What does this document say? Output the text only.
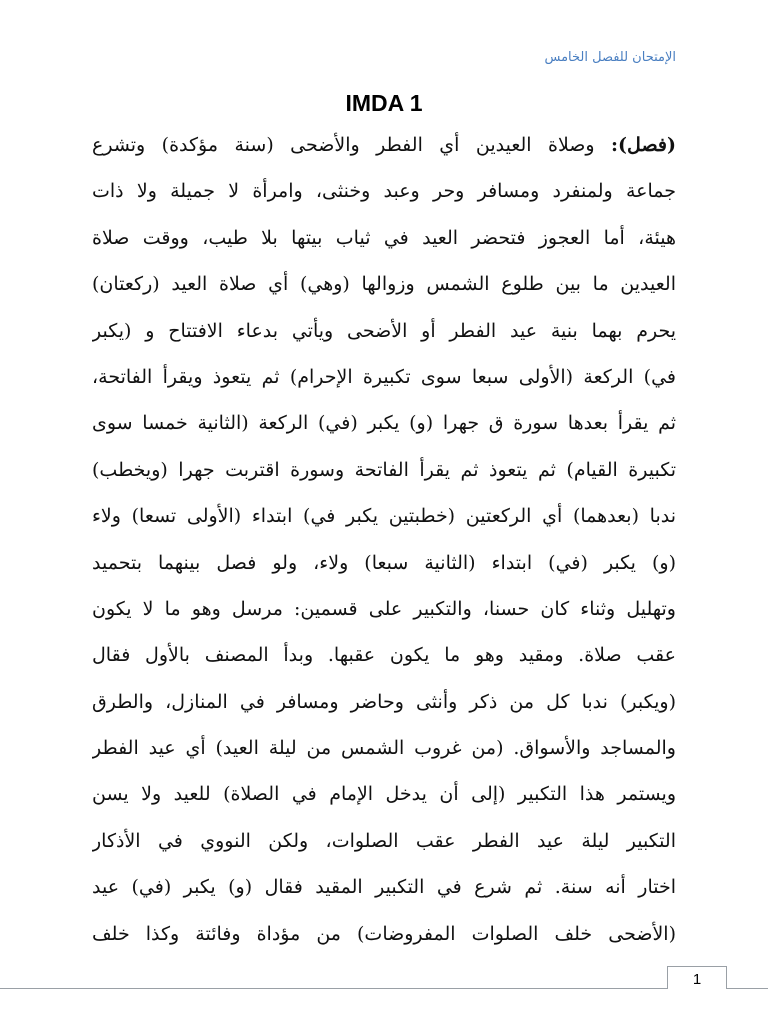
الإمتحان للفصل الخامس
IMDA 1
(فصل): وصلاة العيدين أي الفطر والأضحى (سنة مؤكدة) وتشرع
جماعة ولمنفرد ومسافر وحر وعبد وخنثى، وامرأة لا جميلة ولا ذات
هيئة، أما العجوز فتحضر العيد في ثياب بيتها بلا طيب، ووقت صلاة
العيدين ما بين طلوع الشمس وزوالها (وهي) أي صلاة العيد (ركعتان)
يحرم بهما بنية عيد الفطر أو الأضحى ويأتي بدعاء الافتتاح و (يكبر
في) الركعة (الأولى سبعا سوى تكبيرة الإحرام) ثم يتعوذ ويقرأ الفاتحة،
ثم يقرأ بعدها سورة ق جهرا (و) يكبر (في) الركعة (الثانية خمسا سوى
تكبيرة القيام) ثم يتعوذ ثم يقرأ الفاتحة وسورة اقتربت جهرا (ويخطب)
ندبا (بعدهما) أي الركعتين (خطبتين يكبر في) ابتداء (الأولى تسعا) ولاء
(و) يكبر (في) ابتداء (الثانية سبعا) ولاء، ولو فصل بينهما بتحميد
وتهليل وثناء كان حسنا، والتكبير على قسمين: مرسل وهو ما لا يكون
عقب صلاة. ومقيد وهو ما يكون عقبها. وبدأ المصنف بالأول فقال
(ويكبر) ندبا كل من ذكر وأنثى وحاضر ومسافر في المنازل، والطرق
والمساجد والأسواق. (من غروب الشمس من ليلة العيد) أي عيد الفطر
ويستمر هذا التكبير (إلى أن يدخل الإمام في الصلاة) للعيد ولا يسن
التكبير ليلة عيد الفطر عقب الصلوات، ولكن النووي في الأذكار
اختار أنه سنة. ثم شرع في التكبير المقيد فقال (و) يكبر (في) عيد
(الأضحى خلف الصلوات المفروضات) من مؤداة وفائتة وكذا خلف
1
